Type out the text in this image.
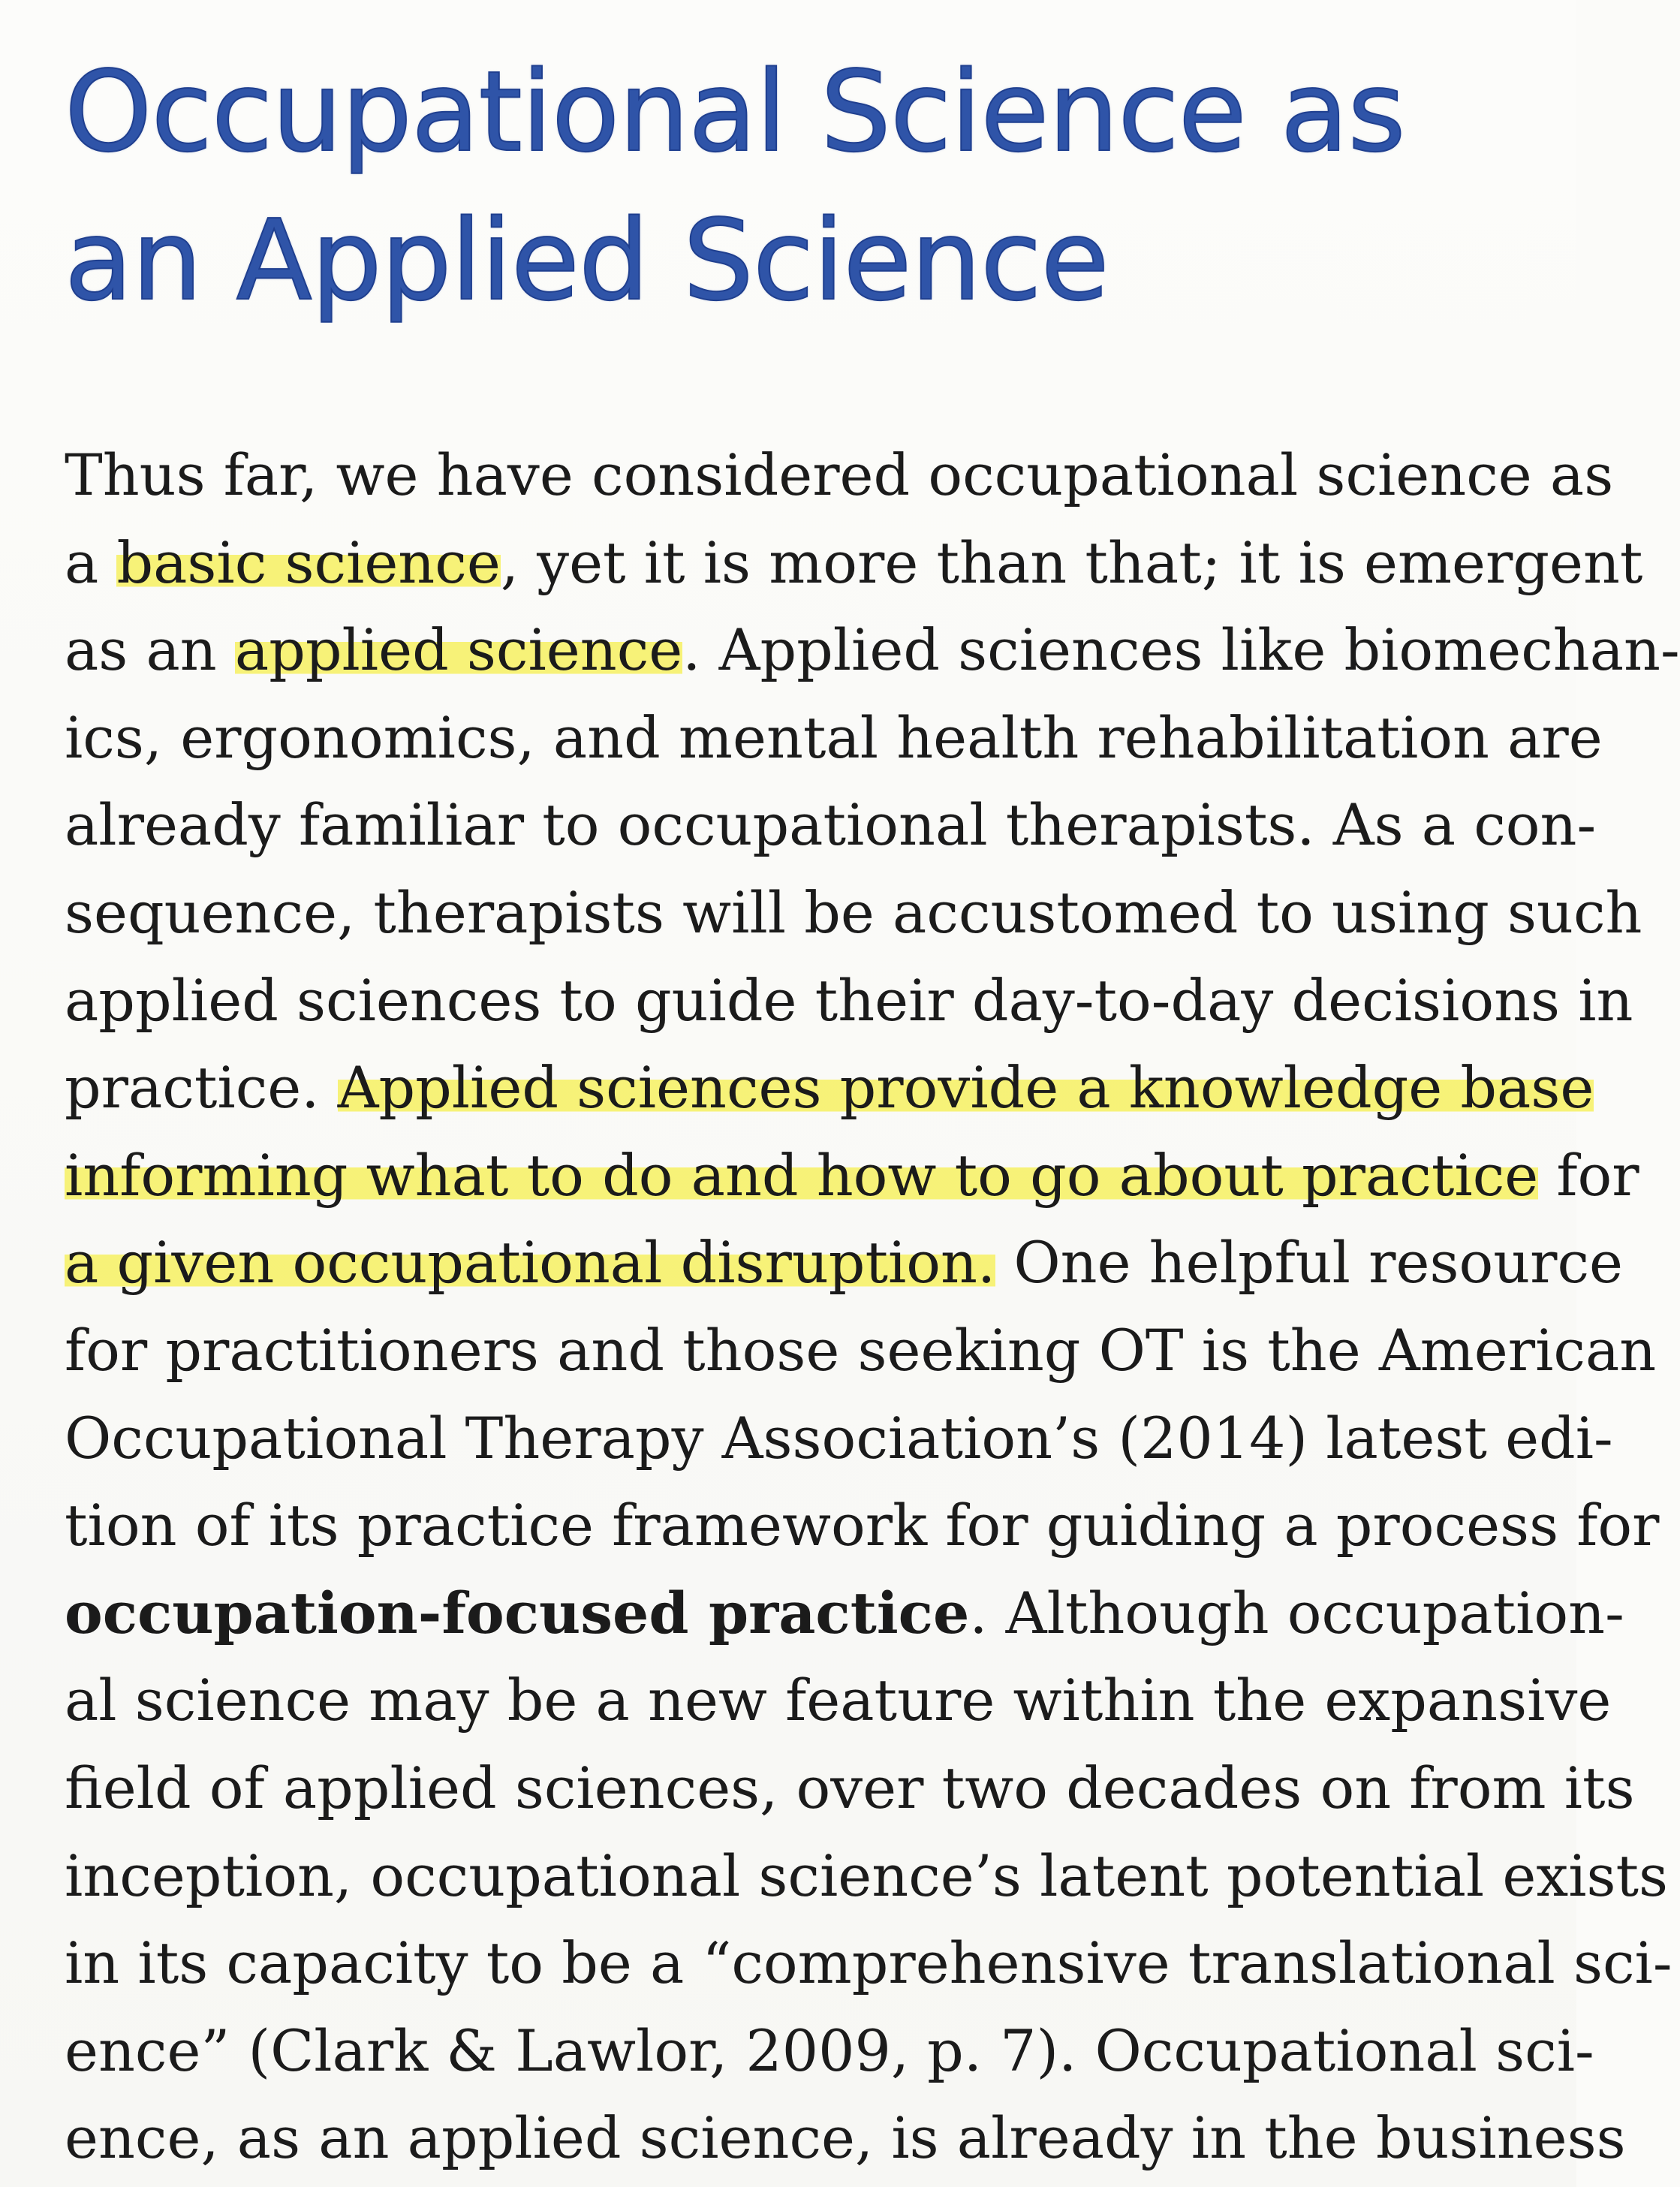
Occupational Science as
an Applied Science
Thus far, we have considered occupational science as
a basic science, yet it is more than that; it is emergent
as an applied science. Applied sciences like biomechan-
ics, ergonomics, and mental health rehabilitation are
already familiar to occupational therapists. As a con-
sequence, therapists will be accustomed to using such
applied sciences to guide their day-to-day decisions in
practice. Applied sciences provide a knowledge base
informing what to do and how to go about practice for
a given occupational disruption. One helpful resource
for practitioners and those seeking OT is the American
Occupational Therapy Association’s (2014) latest edi-
tion of its practice framework for guiding a process for
occupation-focused practice. Although occupation-
al science may be a new feature within the expansive
field of applied sciences, over two decades on from its
inception, occupational science’s latent potential exists
in its capacity to be a “comprehensive translational sci-
ence” (Clark & Lawlor, 2009, p. 7). Occupational sci-
ence, as an applied science, is already in the business
